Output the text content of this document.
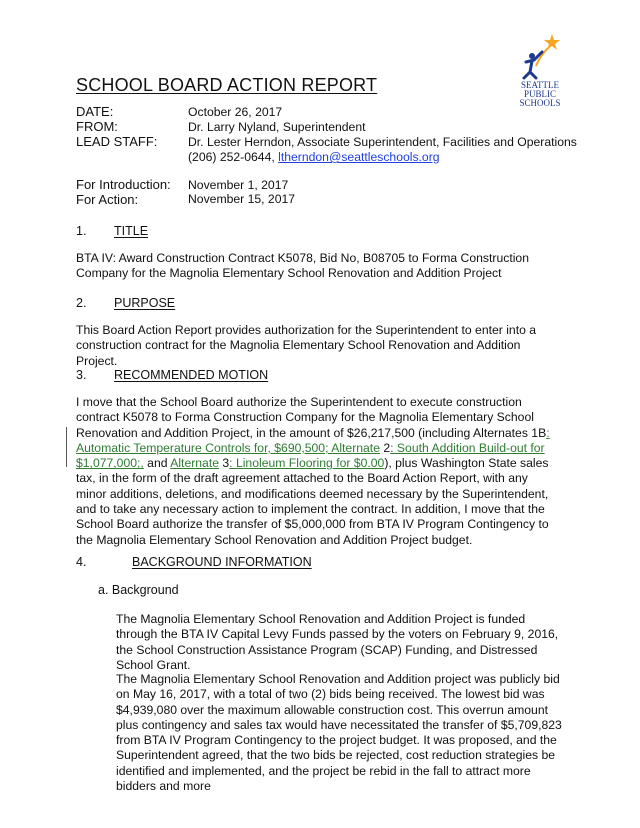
SEATTLE
PUBLIC
SCHOOLS
SCHOOL BOARD ACTION REPORT
DATE:	October 26, 2017
FROM:	Dr. Larry Nyland, Superintendent
LEAD STAFF:	Dr. Lester Herndon, Associate Superintendent, Facilities and Operations
(206) 252-0644, ltherndon@seattleschools.org
For Introduction: November 1, 2017
For Action:	November 15, 2017
1. TITLE
BTA IV: Award Construction Contract K5078, Bid No, B08705 to Forma Construction Company for the Magnolia Elementary School Renovation and Addition Project
2. PURPOSE
This Board Action Report provides authorization for the Superintendent to enter into a construction contract for the Magnolia Elementary School Renovation and Addition Project.
3. RECOMMENDED MOTION
I move that the School Board authorize the Superintendent to execute construction contract K5078 to Forma Construction Company for the Magnolia Elementary School Renovation and Addition Project, in the amount of $26,217,500 (including Alternates 1B: Automatic Temperature Controls for, $690,500; Alternate 2: South Addition Build-out for $1,077,000;, and Alternate 3: Linoleum Flooring for $0.00), plus Washington State sales tax, in the form of the draft agreement attached to the Board Action Report, with any minor additions, deletions, and modifications deemed necessary by the Superintendent, and to take any necessary action to implement the contract. In addition, I move that the School Board authorize the transfer of $5,000,000 from BTA IV Program Contingency to the Magnolia Elementary School Renovation and Addition Project budget.
4.	BACKGROUND INFORMATION
a. Background
The Magnolia Elementary School Renovation and Addition Project is funded through the BTA IV Capital Levy Funds passed by the voters on February 9, 2016, the School Construction Assistance Program (SCAP) Funding, and Distressed School Grant.
The Magnolia Elementary School Renovation and Addition project was publicly bid on May 16, 2017, with a total of two (2) bids being received. The lowest bid was $4,939,080 over the maximum allowable construction cost. This overrun amount plus contingency and sales tax would have necessitated the transfer of $5,709,823 from BTA IV Program Contingency to the project budget. It was proposed, and the Superintendent agreed, that the two bids be rejected, cost reduction strategies be identified and implemented, and the project be rebid in the fall to attract more bidders and more
